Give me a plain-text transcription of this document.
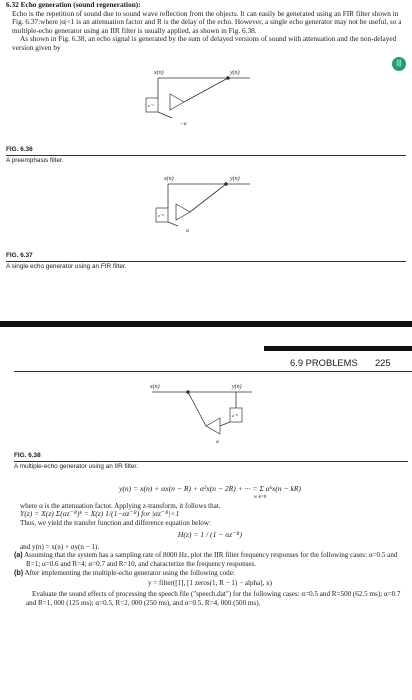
6.32 Echo generation (sound regeneration):

Echo is the repetition of sound due to sound wave reflection from the objects. It can easily be generated using an FIR filter shown in Fig. 6.37:where |α|<1 is an attenuation factor and R is the delay of the echo. However, a single echo generator may not be useful, so a multiple-echo generator using an IIR filter is usually applied, as shown in Fig. 6.38.

As shown in Fig. 6.38, an echo signal is generated by the sum of delayed versions of sound with attenuation and the non-delayed version given by

|||
x(n)	y(n)
z⁻¹
−α
FIG. 6.36
A preemphasis filter.
x(n)	y(n)
z⁻ᴿ
α
FIG. 6.37
A single echo generator using an FIR filter.
6.9 PROBLEMS 225
x(n)	y(n)
z⁻ᴿ
α
FIG. 6.38
A multiple-echo generator using an IIR filter.

y(n) = x(n) + αx(n − R) + α²x(n − 2R) + ··· = Σ αᵏx(n − kR)

∞ k=0

where α is the attenuation factor. Applying z-transform, it follows that.

Y(z) = X(z) Σ(αz⁻ᴿ)ᵏ = X(z) 1/(1−αz⁻ᴿ) for |αz⁻ᴿ|<1

Thus, we yield the transfer function and difference equation below:

H(z) = 1 / (1 − αz⁻ᴿ)

and y(n) = x(n) + αy(n − 1).

(a) Assuming that the system has a sampling rate of 8000 Hz, plot the IIR filter frequency responses for the following cases: α=0.5 and R=1; α=0.6 and R=4; α=0.7 and R=10, and characterize the frequency responses.

(b) After implementing the multiple-echo generator using the following code:

y = filter([1], [1 zeros(1, R − 1) − alpha], x)

Evaluate the sound effects of processing the speech file ("speech.dat") for the following cases: α=0.5 and R=500 (62.5 ms); α=0.7 and R=1, 000 (125 ms); α=0.5, R=2, 000 (250 ms), and α=0.5, R=4, 000 (500 ms).
